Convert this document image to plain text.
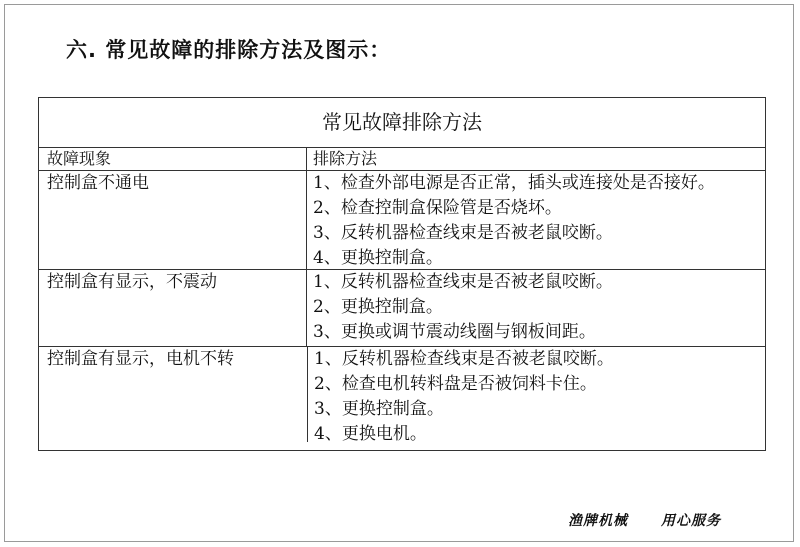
六. 常见故障的排除方法及图示：
常见故障排除方法
故障现象	排除方法
控制盒不通电	1、检查外部电源是否正常，插头或连接处是否接好。
2、检查控制盒保险管是否烧坏。
3、反转机器检查线束是否被老鼠咬断。
4、更换控制盒。
控制盒有显示，不震动	1、反转机器检查线束是否被老鼠咬断。
2、更换控制盒。
3、更换或调节震动线圈与钢板间距。
控制盒有显示，电机不转	1、反转机器检查线束是否被老鼠咬断。
2、检查电机转料盘是否被饲料卡住。
3、更换控制盒。
4、更换电机。
渔牌机械 用心服务
